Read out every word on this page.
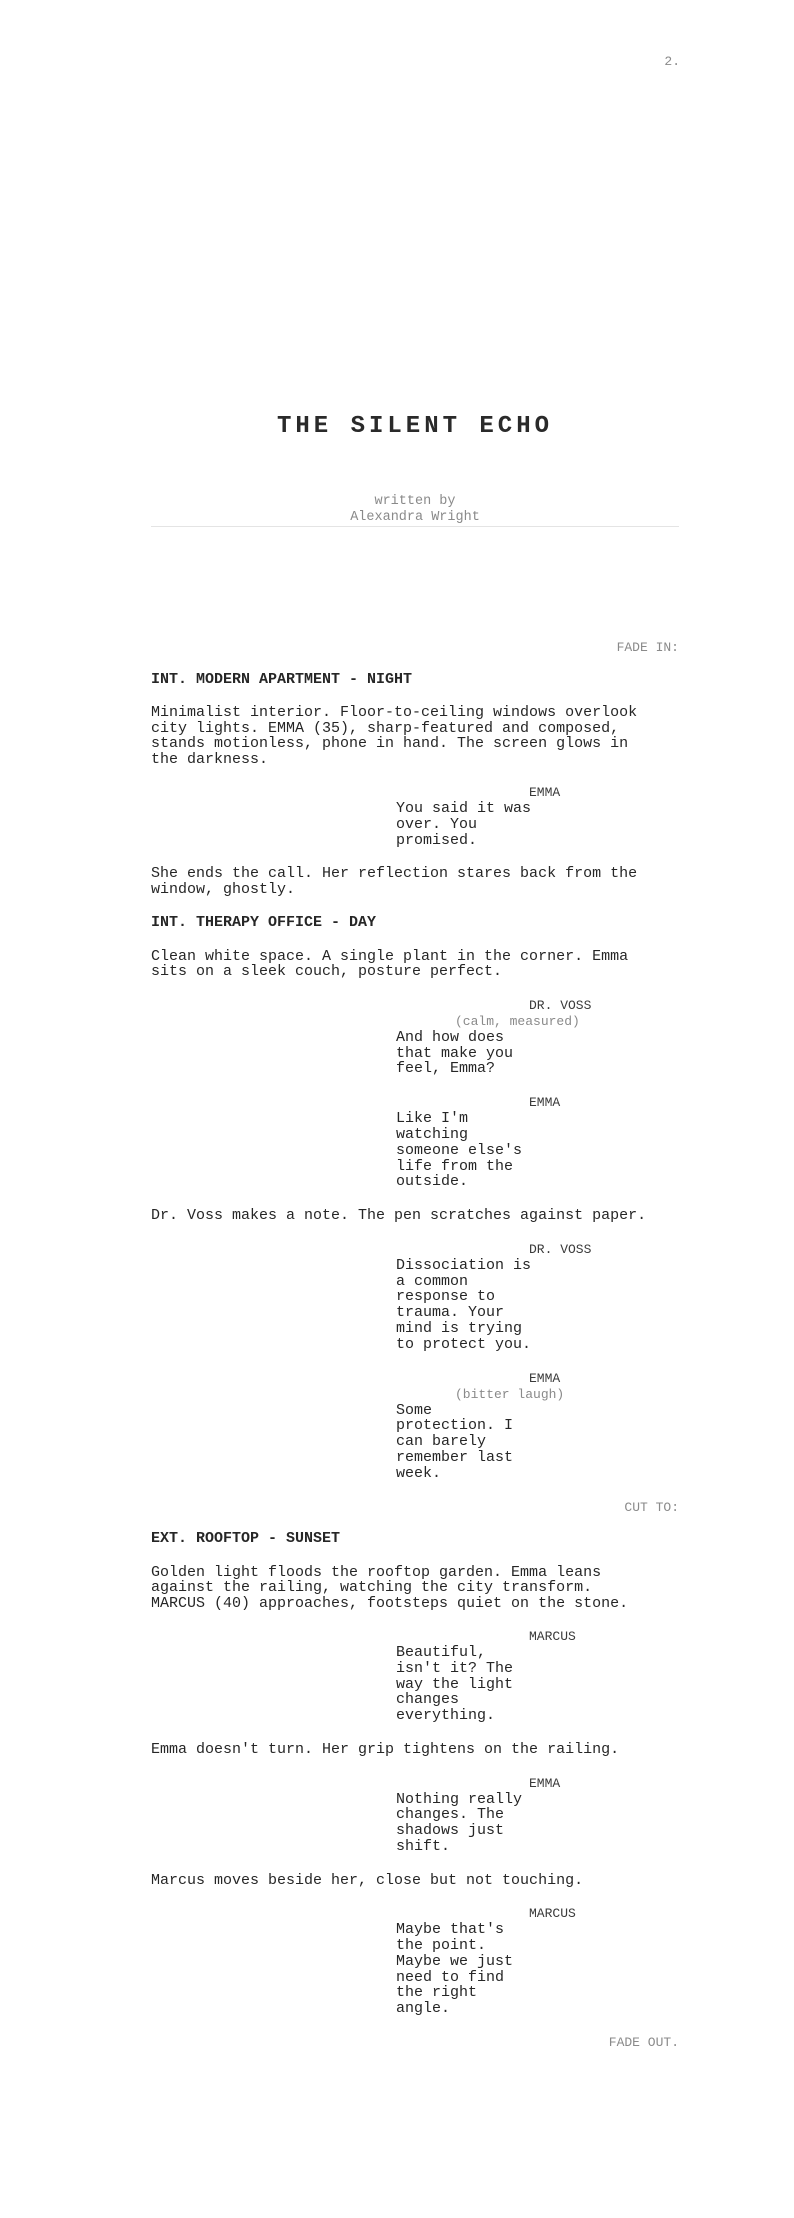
2.
THE SILENT ECHO
written by
Alexandra Wright
FADE IN:
INT. MODERN APARTMENT - NIGHT
Minimalist interior. Floor-to-ceiling windows overlook
city lights. EMMA (35), sharp-featured and composed,
stands motionless, phone in hand. The screen glows in
the darkness.
EMMA
You said it was
over. You
promised.
She ends the call. Her reflection stares back from the
window, ghostly.
INT. THERAPY OFFICE - DAY
Clean white space. A single plant in the corner. Emma
sits on a sleek couch, posture perfect.
DR. VOSS
(calm, measured)
And how does
that make you
feel, Emma?
EMMA
Like I'm
watching
someone else's
life from the
outside.
Dr. Voss makes a note. The pen scratches against paper.
DR. VOSS
Dissociation is
a common
response to
trauma. Your
mind is trying
to protect you.
EMMA
(bitter laugh)
Some
protection. I
can barely
remember last
week.
CUT TO:
EXT. ROOFTOP - SUNSET
Golden light floods the rooftop garden. Emma leans
against the railing, watching the city transform.
MARCUS (40) approaches, footsteps quiet on the stone.
MARCUS
Beautiful,
isn't it? The
way the light
changes
everything.
Emma doesn't turn. Her grip tightens on the railing.
EMMA
Nothing really
changes. The
shadows just
shift.
Marcus moves beside her, close but not touching.
MARCUS
Maybe that's
the point.
Maybe we just
need to find
the right
angle.
FADE OUT.
